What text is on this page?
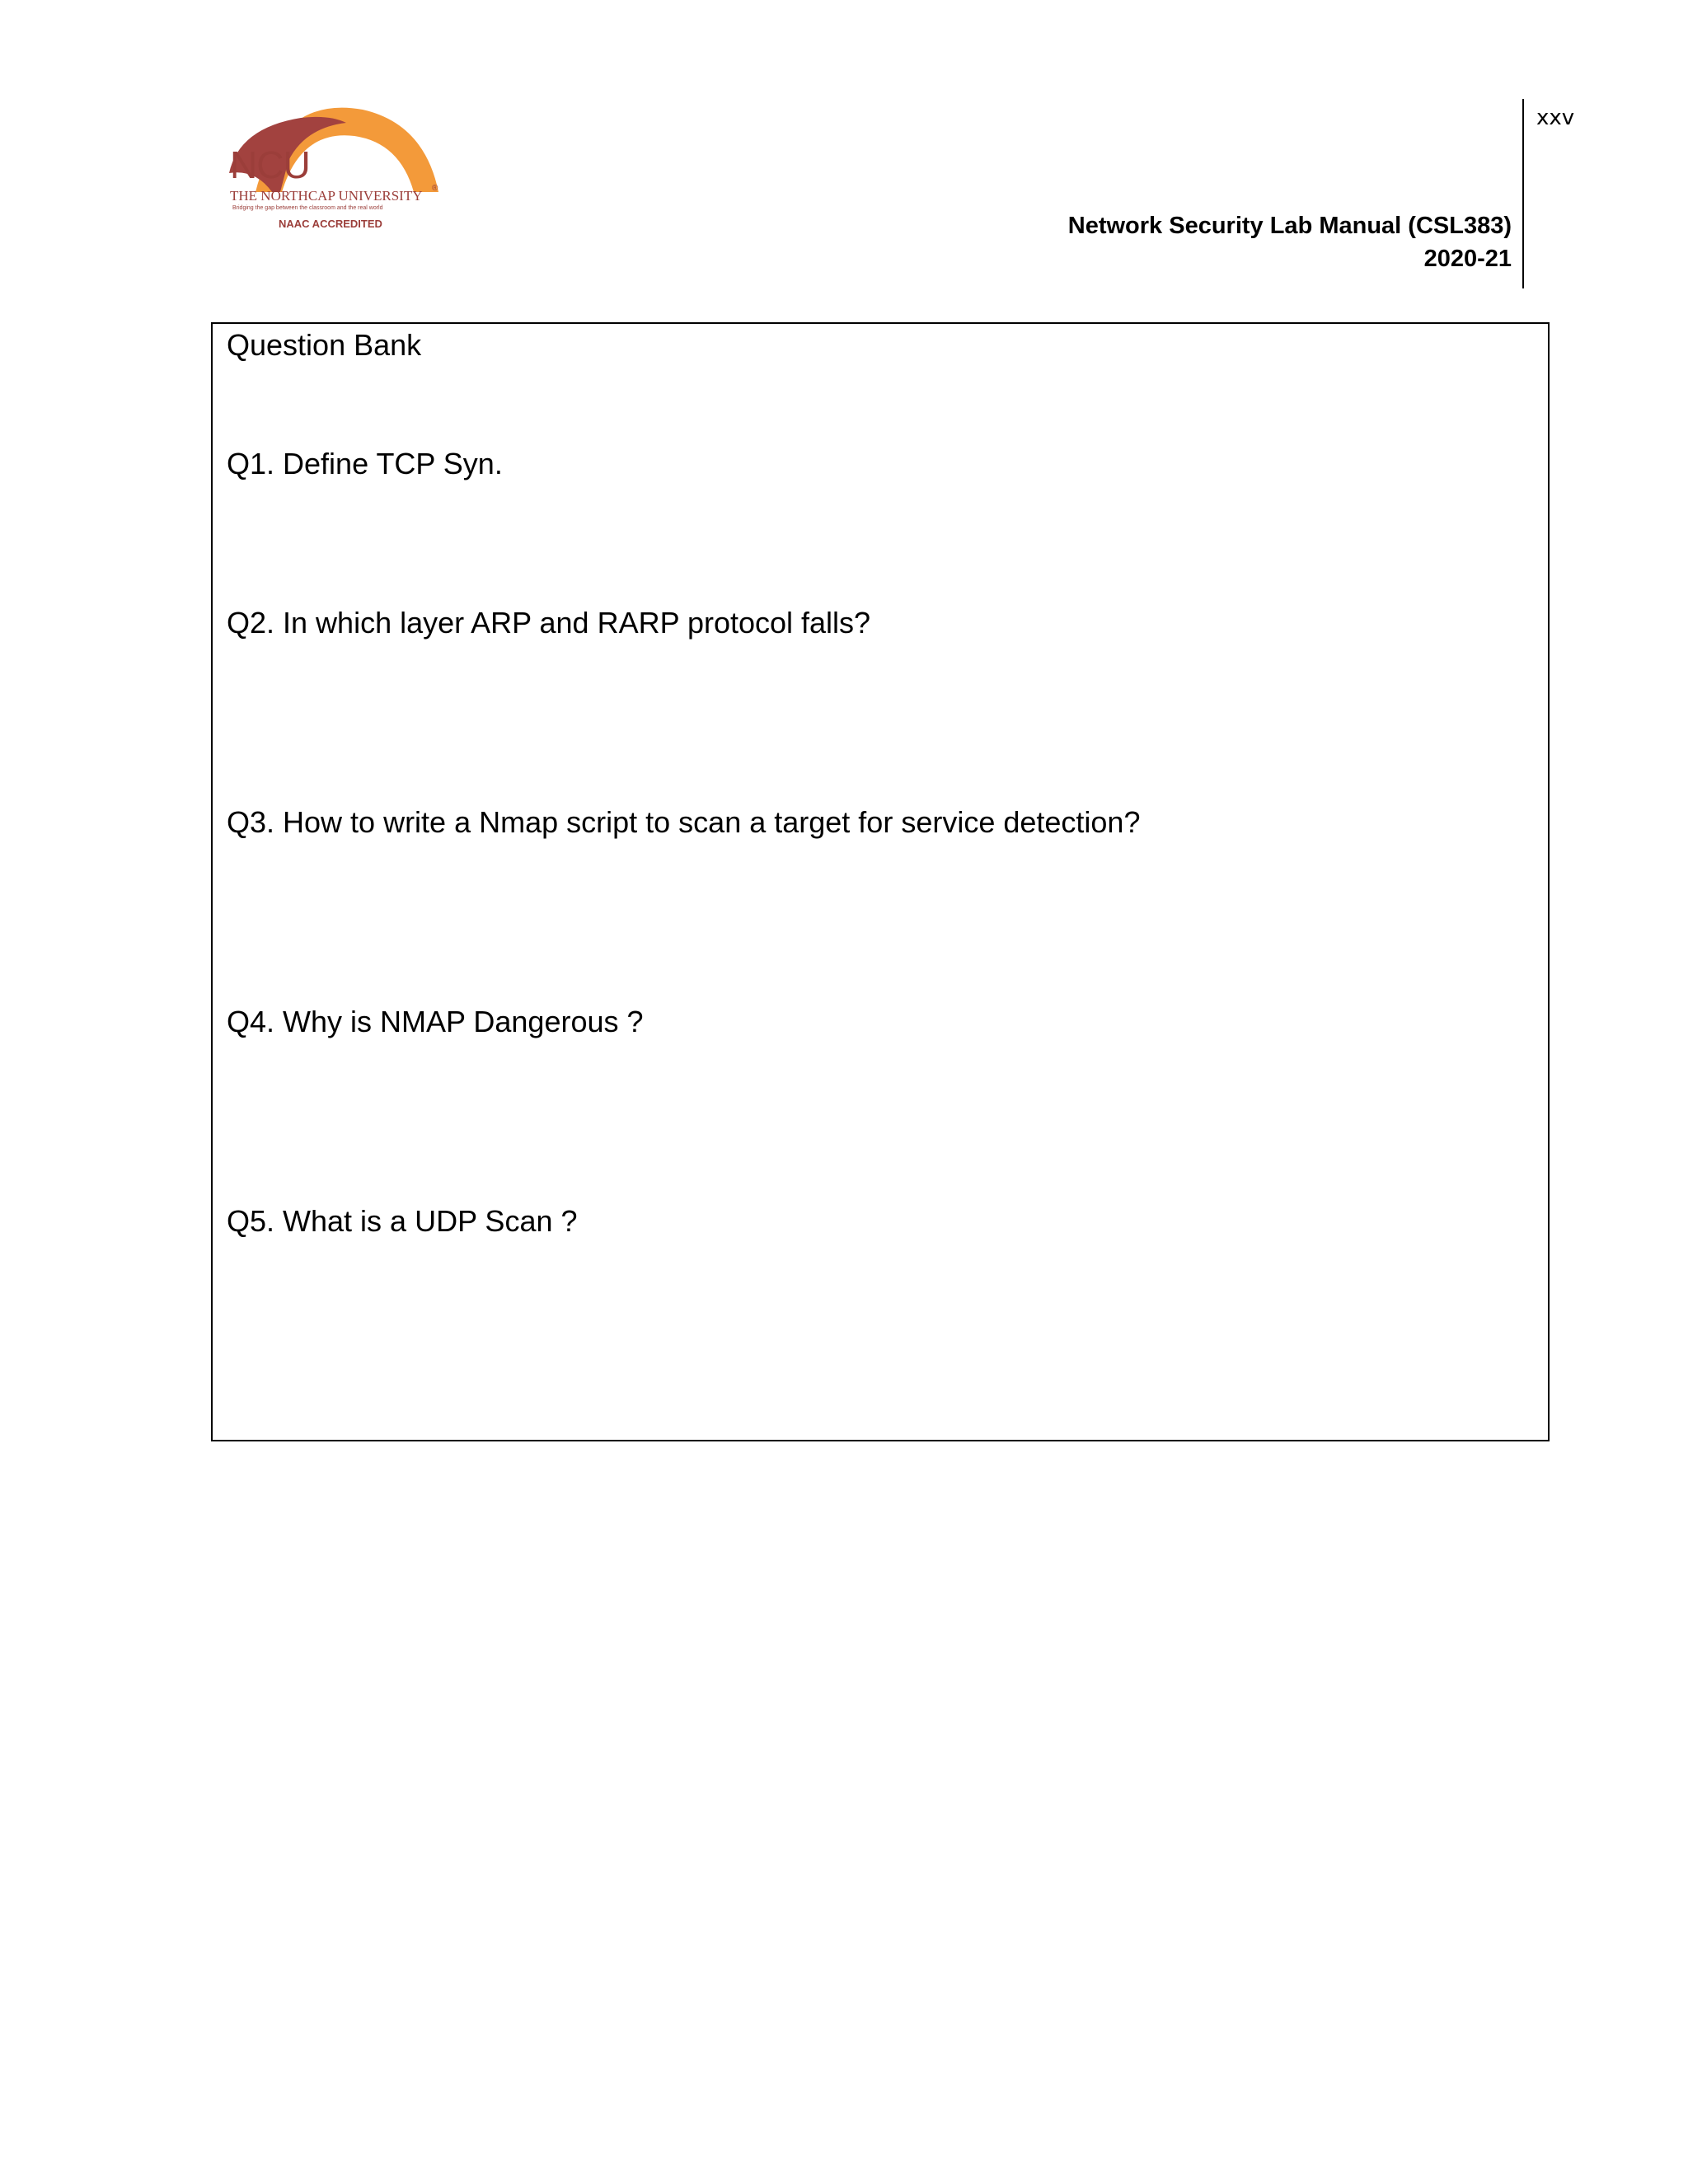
NCU
®
THE NORTHCAP UNIVERSITY
Bridging the gap between the classroom and the real world
NAAC ACCREDITED
xxv
Network Security Lab Manual (CSL383)
2020-21
Question Bank
Q1. Define TCP Syn.
Q2. In which layer ARP and RARP protocol falls?
Q3. How to write a Nmap script to scan a target for service detection?
Q4. Why is NMAP Dangerous ?
Q5. What is a UDP Scan ?
